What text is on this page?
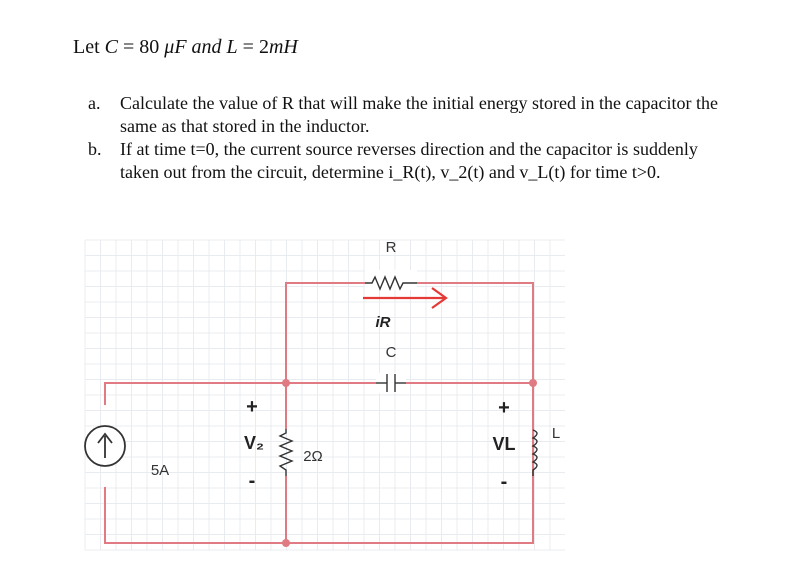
Let C = 80 μF and L = 2mH
a.	Calculate the value of R that will make the initial energy stored in the capacitor the same as that stored in the inductor.
b.	If at time t=0, the current source reverses direction and the capacitor is suddenly taken out from the circuit, determine i_R(t), v_2(t) and v_L(t) for time t>0.
R
iR
C
5A
2Ω
+
V₂
-
L
+
VL
-
